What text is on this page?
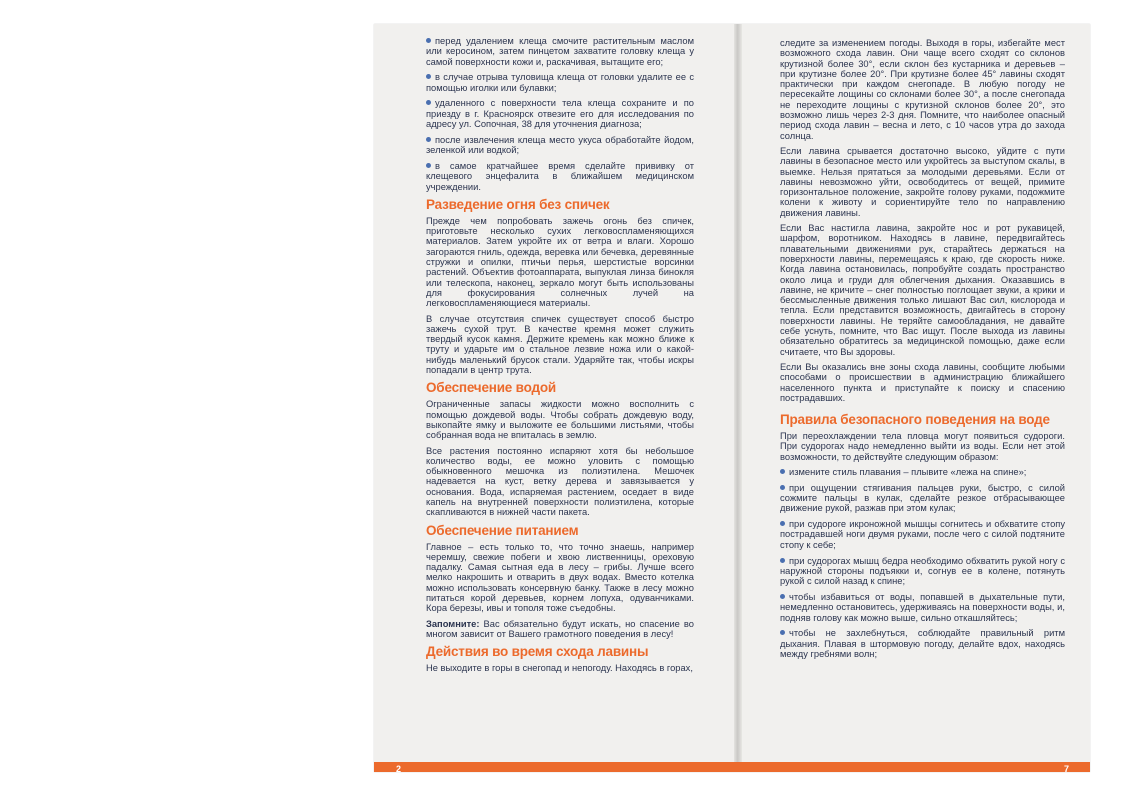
перед удалением клеща смочите растительным маслом или керосином, затем пинцетом захватите головку клеща у самой поверхности кожи и, раскачивая, вытащите его;

в случае отрыва туловища клеща от головки удалите ее с помощью иголки или булавки;

удаленного с поверхности тела клеща сохраните и по приезду в г. Красноярск отвезите его для исследования по адресу ул. Сопочная, 38 для уточнения диагноза;

после извлечения клеща место укуса обработайте йодом, зеленкой или водкой;

в самое кратчайшее время сделайте прививку от клещевого энцефалита в ближайшем медицинском учреждении.

Разведение огня без спичек

Прежде чем попробовать зажечь огонь без спичек, приготовьте несколько сухих легковоспламеняющихся материалов. Затем укройте их от ветра и влаги. Хорошо загораются гниль, одежда, веревка или бечевка, деревянные стружки и опилки, птичьи перья, шерстистые ворсинки растений. Объектив фотоаппарата, выпуклая линза бинокля или телескопа, наконец, зеркало могут быть использованы для фокусирования солнечных лучей на легковоспламеняющиеся материалы.

В случае отсутствия спичек существует способ быстро зажечь сухой трут. В качестве кремня может служить твердый кусок камня. Держите кремень как можно ближе к труту и ударьте им о стальное лезвие ножа или о какой-нибудь маленький брусок стали. Ударяйте так, чтобы искры попадали в центр трута.

Обеспечение водой

Ограниченные запасы жидкости можно восполнить с помощью дождевой воды. Чтобы собрать дождевую воду, выкопайте ямку и выложите ее большими листьями, чтобы собранная вода не впиталась в землю.

Все растения постоянно испаряют хотя бы небольшое количество воды, ее можно уловить с помощью обыкновенного мешочка из полиэтилена. Мешочек надевается на куст, ветку дерева и завязывается у основания. Вода, испаряемая растением, оседает в виде капель на внутренней поверхности полиэтилена, которые скапливаются в нижней части пакета.

Обеспечение питанием

Главное – есть только то, что точно знаешь, например черемшу, свежие побеги и хвою лиственницы, ореховую падалку. Самая сытная еда в лесу – грибы. Лучше всего мелко накрошить и отварить в двух водах. Вместо котелка можно использовать консервную банку. Также в лесу можно питаться корой деревьев, корнем лопуха, одуванчиками. Кора березы, ивы и тополя тоже съедобны.

Запомните: Вас обязательно будут искать, но спасение во многом зависит от Вашего грамотного поведения в лесу!

Действия во время схода лавины

Не выходите в горы в снегопад и непогоду. Находясь в горах,

следите за изменением погоды. Выходя в горы, избегайте мест возможного схода лавин. Они чаще всего сходят со склонов крутизной более 30°, если склон без кустарника и деревьев – при крутизне более 20°. При крутизне более 45° лавины сходят практически при каждом снегопаде. В любую погоду не пересекайте лощины со склонами более 30°, а после снегопада не переходите лощины с крутизной склонов более 20°, это возможно лишь через 2-3 дня. Помните, что наиболее опасный период схода лавин – весна и лето, с 10 часов утра до захода солнца.

Если лавина срывается достаточно высоко, уйдите с пути лавины в безопасное место или укройтесь за выступом скалы, в выемке. Нельзя прятаться за молодыми деревьями. Если от лавины невозможно уйти, освободитесь от вещей, примите горизонтальное положение, закройте голову руками, подожмите колени к животу и сориентируйте тело по направлению движения лавины.

Если Вас настигла лавина, закройте нос и рот рукавицей, шарфом, воротником. Находясь в лавине, передвигайтесь плавательными движениями рук, старайтесь держаться на поверхности лавины, перемещаясь к краю, где скорость ниже. Когда лавина остановилась, попробуйте создать пространство около лица и груди для облегчения дыхания. Оказавшись в лавине, не кричите – снег полностью поглощает звуки, а крики и бессмысленные движения только лишают Вас сил, кислорода и тепла. Если представится возможность, двигайтесь в сторону поверхности лавины. Не теряйте самообладания, не давайте себе уснуть, помните, что Вас ищут. После выхода из лавины обязательно обратитесь за медицинской помощью, даже если считаете, что Вы здоровы.

Если Вы оказались вне зоны схода лавины, сообщите любыми способами о происшествии в администрацию ближайшего населенного пункта и приступайте к поиску и спасению пострадавших.

Правила безопасного поведения на воде

При переохлаждении тела пловца могут появиться судороги. При судорогах надо немедленно выйти из воды. Если нет этой возможности, то действуйте следующим образом:

измените стиль плавания – плывите «лежа на спине»;

при ощущении стягивания пальцев руки, быстро, с силой сожмите пальцы в кулак, сделайте резкое отбрасывающее движение рукой, разжав при этом кулак;

при судороге икроножной мышцы согнитесь и обхватите стопу пострадавшей ноги двумя руками, после чего с силой подтяните стопу к себе;

при судорогах мышц бедра необходимо обхватить рукой ногу с наружной стороны подъякки и, согнув ее в колене, потянуть рукой с силой назад к спине;

чтобы избавиться от воды, попавшей в дыхательные пути, немедленно остановитесь, удерживаясь на поверхности воды, и, подняв голову как можно выше, сильно откашляйтесь;

чтобы не захлебнуться, соблюдайте правильный ритм дыхания. Плавая в штормовую погоду, делайте вдох, находясь между гребнями волн;

2	7
